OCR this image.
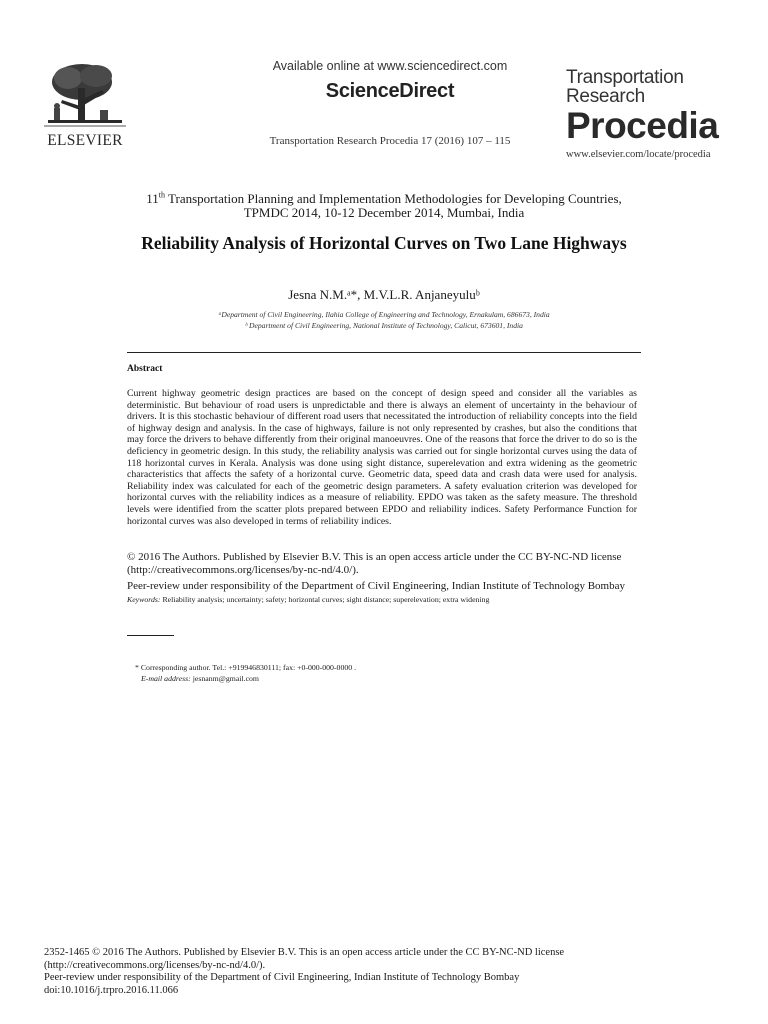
ELSEVIER
Available online at www.sciencedirect.com
ScienceDirect
Transportation Research Procedia 17 (2016) 107 – 115
Transportation
Research
Procedia
www.elsevier.com/locate/procedia
11th Transportation Planning and Implementation Methodologies for Developing Countries,
TPMDC 2014, 10-12 December 2014, Mumbai, India
Reliability Analysis of Horizontal Curves on Two Lane Highways
Jesna N.M.ᵃ*, M.V.L.R. Anjaneyuluᵇ
ᵃDepartment of Civil Engineering, Ilahia College of Engineering and Technology, Ernakulam, 686673, India
ᵇ Department of Civil Engineering, National Institute of Technology, Calicut, 673601, India
Abstract

Current highway geometric design practices are based on the concept of design speed and consider all the variables as deterministic. But behaviour of road users is unpredictable and there is always an element of uncertainty in the behaviour of drivers. It is this stochastic behaviour of different road users that necessitated the introduction of reliability concepts into the field of highway design and analysis. In the case of highways, failure is not only represented by crashes, but also the conditions that may force the drivers to behave differently from their original manoeuvres. One of the reasons that force the driver to do so is the deficiency in geometric design. In this study, the reliability analysis was carried out for single horizontal curves using the data of 118 horizontal curves in Kerala. Analysis was done using sight distance, superelevation and extra widening as the geometric characteristics that affects the safety of a horizontal curve. Geometric data, speed data and crash data were used for analysis. Reliability index was calculated for each of the geometric design parameters. A safety evaluation criterion was developed for horizontal curves with the reliability indices as a measure of reliability. EPDO was taken as the safety measure. The threshold levels were identified from the scatter plots prepared between EPDO and reliability indices. Safety Performance Function for horizontal curves was also developed in terms of reliability indices.

© 2016 The Authors. Published by Elsevier B.V. This is an open access article under the CC BY-NC-ND license
(http://creativecommons.org/licenses/by-nc-nd/4.0/).
Peer-review under responsibility of the Department of Civil Engineering, Indian Institute of Technology Bombay
Keywords: Reliability analysis; uncertainty; safety; horizontal curves; sight distance; superelevation; extra widening
* Corresponding author. Tel.: +919946830111; fax: +0-000-000-0000 .
E-mail address: jesnanm@gmail.com
2352-1465 © 2016 The Authors. Published by Elsevier B.V. This is an open access article under the CC BY-NC-ND license
(http://creativecommons.org/licenses/by-nc-nd/4.0/).
Peer-review under responsibility of the Department of Civil Engineering, Indian Institute of Technology Bombay
doi:10.1016/j.trpro.2016.11.066
